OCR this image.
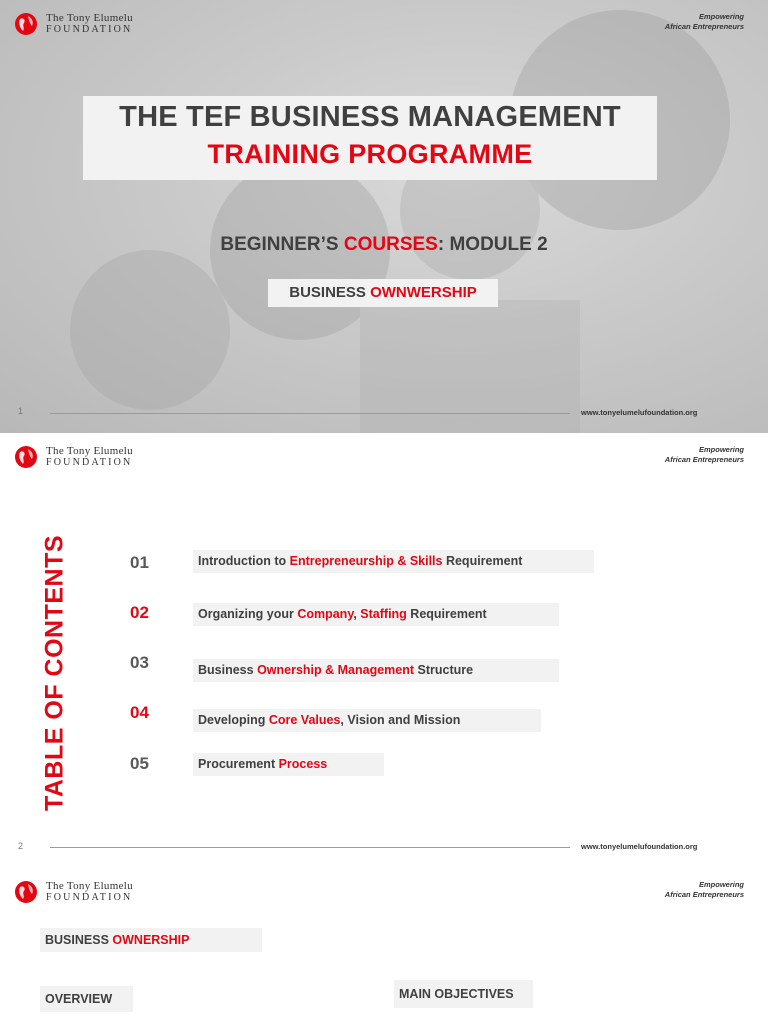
The Tony Elumelu
FOUNDATION
Empowering
African Entrepreneurs
THE TEF BUSINESS MANAGEMENT
TRAINING PROGRAMME
BEGINNER’S COURSES: MODULE 2
BUSINESS OWNWERSHIP
1	www.tonyelumelufoundation.org
The Tony Elumelu
FOUNDATION
Empowering
African Entrepreneurs
TABLE OF CONTENTS	01	Introduction to Entrepreneurship & Skills Requirement
02	Organizing your Company, Staffing Requirement
03	Business Ownership & Management Structure
04	Developing Core Values, Vision and Mission
05	Procurement Process
2	www.tonyelumelufoundation.org
The Tony Elumelu
FOUNDATION
Empowering
African Entrepreneurs
BUSINESS OWNERSHIP
OVERVIEW	MAIN OBJECTIVES
